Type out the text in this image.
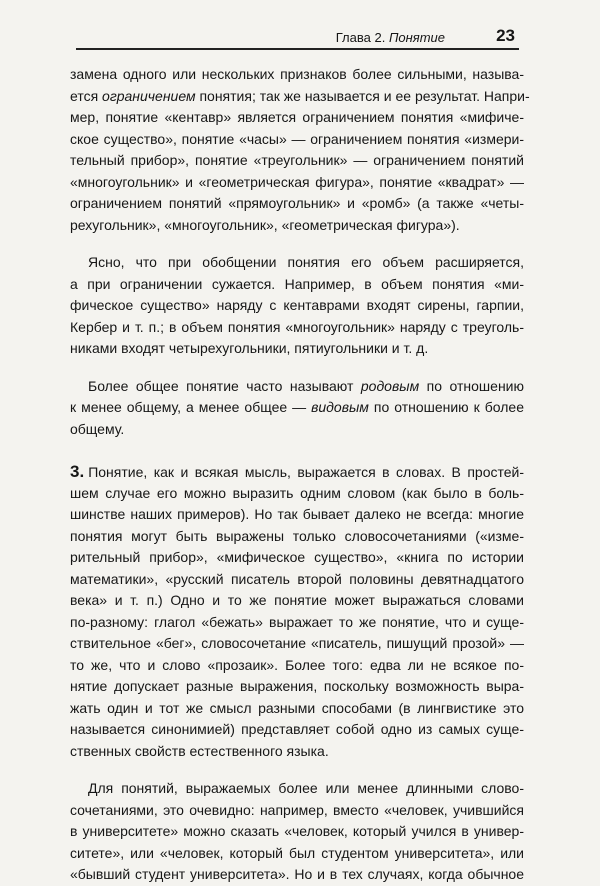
Глава 2. Понятие	23
замена одного или нескольких признаков более сильными, называ-
ется ограничением понятия; так же называется и ее результат. Напри-
мер, понятие «кентавр» является ограничением понятия «мифиче-
ское существо», понятие «часы» — ограничением понятия «измери-
тельный прибор», понятие «треугольник» — ограничением понятий
«многоугольник» и «геометрическая фигура», понятие «квадрат» —
ограничением понятий «прямоугольник» и «ромб» (а также «четы-
рехугольник», «многоугольник», «геометрическая фигура»).
Ясно, что при обобщении понятия его объем расширяется,
а при ограничении сужается. Например, в объем понятия «ми-
фическое существо» наряду с кентаврами входят сирены, гарпии,
Кербер и т. п.; в объем понятия «многоугольник» наряду с треуголь-
никами входят четырехугольники, пятиугольники и т. д.
Более общее понятие часто называют родовым по отношению
к менее общему, а менее общее — видовым по отношению к более
общему.
3. Понятие, как и всякая мысль, выражается в словах. В простей-
шем случае его можно выразить одним словом (как было в боль-
шинстве наших примеров). Но так бывает далеко не всегда: многие
понятия могут быть выражены только словосочетаниями («изме-
рительный прибор», «мифическое существо», «книга по истории
математики», «русский писатель второй половины девятнадцатого
века» и т. п.) Одно и то же понятие может выражаться словами
по-разному: глагол «бежать» выражает то же понятие, что и суще-
ствительное «бег», словосочетание «писатель, пишущий прозой» —
то же, что и слово «прозаик». Более того: едва ли не всякое по-
нятие допускает разные выражения, поскольку возможность выра-
жать один и тот же смысл разными способами (в лингвистике это
называется синонимией) представляет собой одно из самых суще-
ственных свойств естественного языка.
Для понятий, выражаемых более или менее длинными слово-
сочетаниями, это очевидно: например, вместо «человек, учившийся
в университете» можно сказать «человек, который учился в универ-
ситете», или «человек, который был студентом университета», или
«бывший студент университета». Но и в тех случаях, когда обычное
